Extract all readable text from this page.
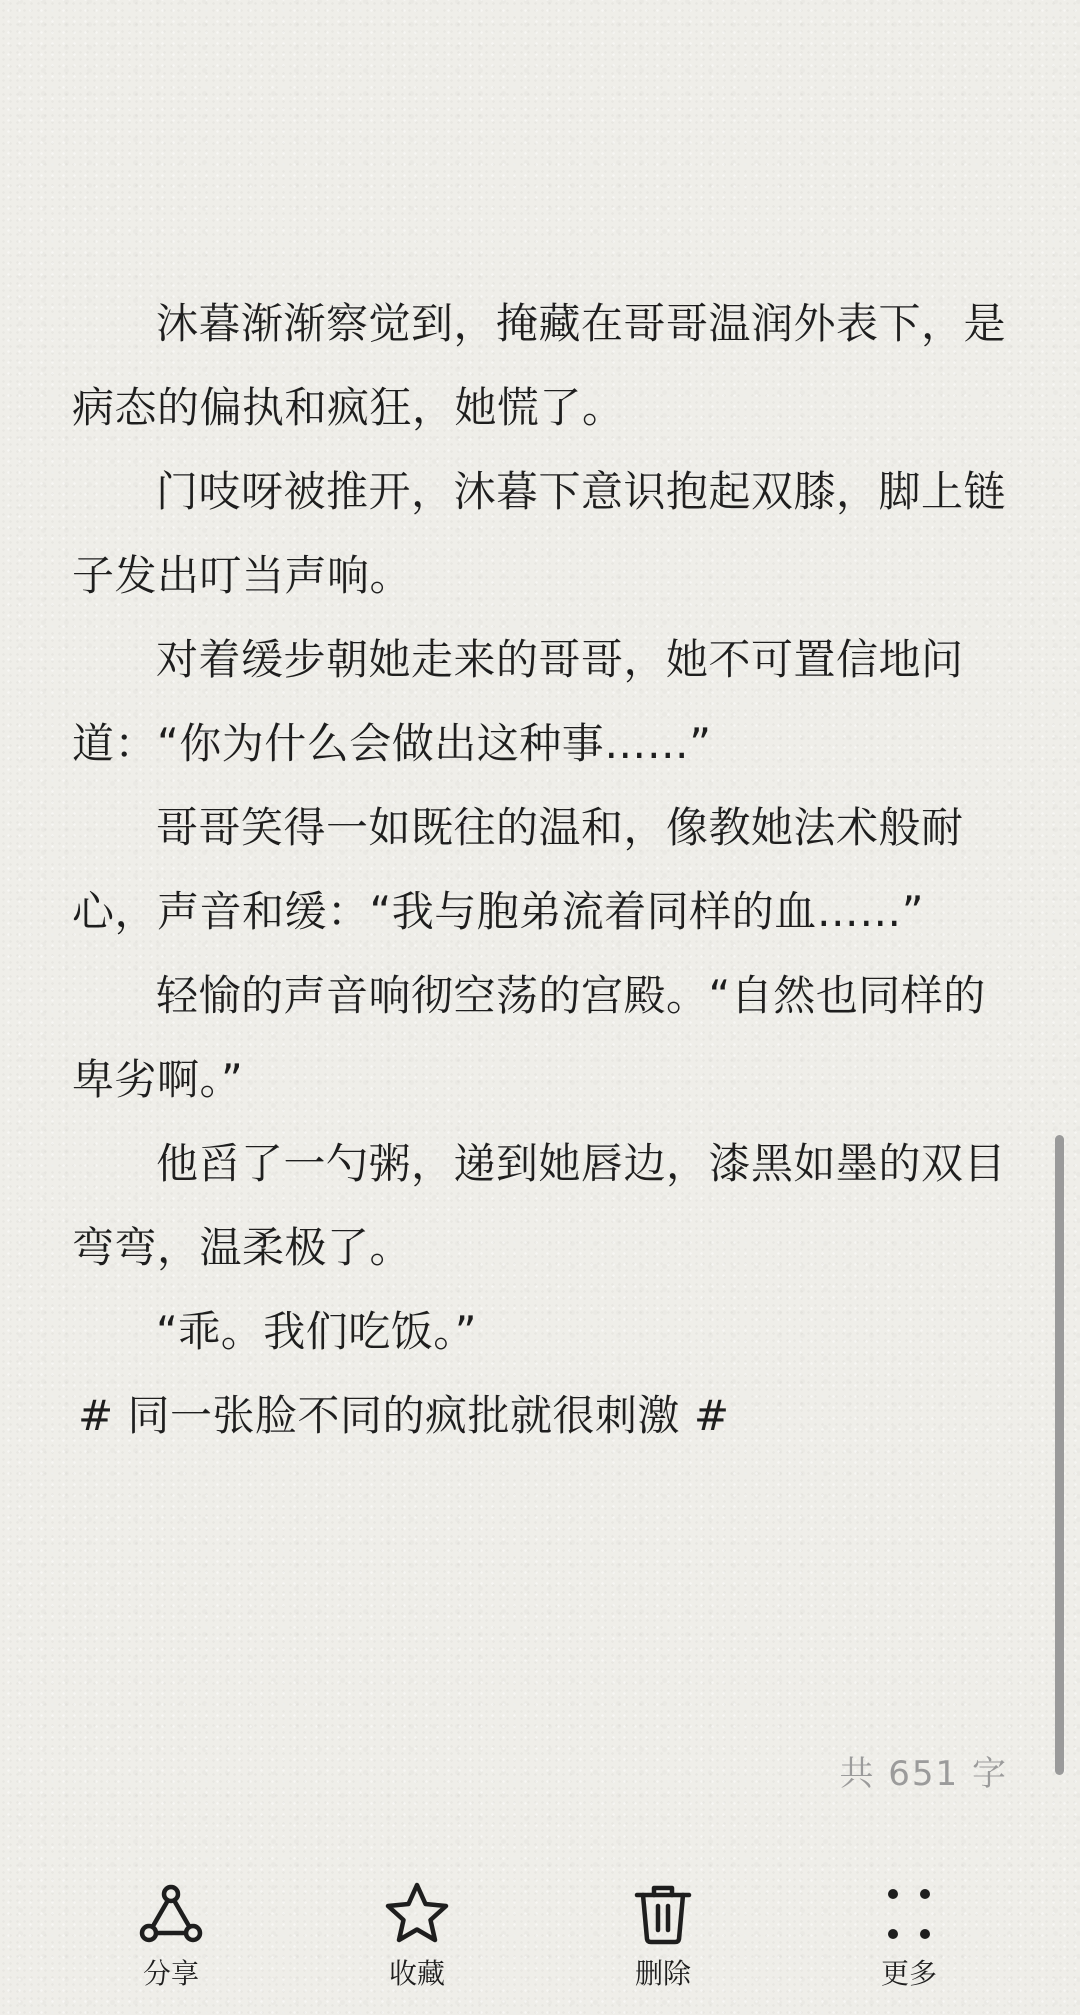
沐暮渐渐察觉到，掩藏在哥哥温润外表下，是病态的偏执和疯狂，她慌了。

门吱呀被推开，沐暮下意识抱起双膝，脚上链子发出叮当声响。

对着缓步朝她走来的哥哥，她不可置信地问道：“你为什么会做出这种事……”

哥哥笑得一如既往的温和，像教她法术般耐心，声音和缓：“我与胞弟流着同样的血……”

轻愉的声音响彻空荡的宫殿。“自然也同样的卑劣啊。”

他舀了一勺粥，递到她唇边，漆黑如墨的双目弯弯，温柔极了。

“乖。我们吃饭。”

# 同一张脸不同的疯批就很刺激 #

共 651 字
分享	收藏	删除	更多
